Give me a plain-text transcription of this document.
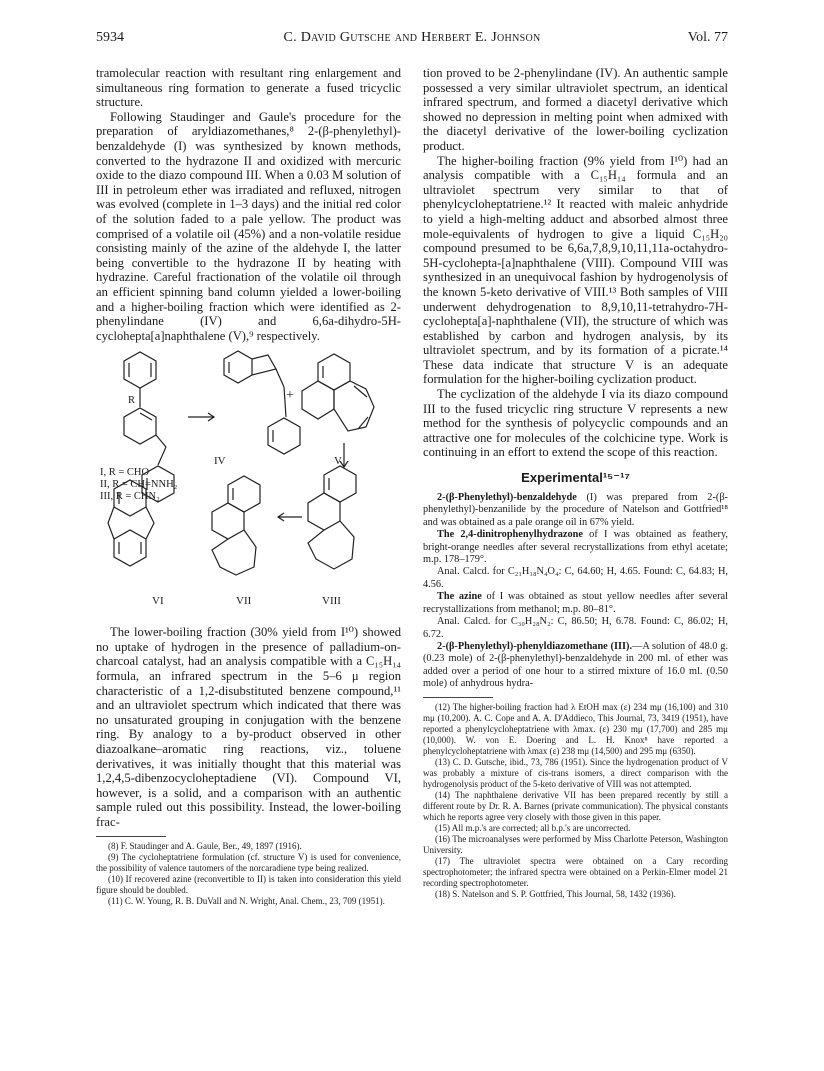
5934	C. David Gutsche and Herbert E. Johnson	Vol. 77

tramolecular reaction with resultant ring enlargement and simultaneous ring formation to generate a fused tricyclic structure.

Following Staudinger and Gaule's procedure for the preparation of aryldiazomethanes,⁸ 2-(β-phenylethyl)-benzaldehyde (I) was synthesized by known methods, converted to the hydrazone II and oxidized with mercuric oxide to the diazo compound III. When a 0.03 M solution of III in petroleum ether was irradiated and refluxed, nitrogen was evolved (complete in 1–3 days) and the initial red color of the solution faded to a pale yellow. The product was comprised of a volatile oil (45%) and a non-volatile residue consisting mainly of the azine of the aldehyde I, the latter being convertible to the hydrazone II by heating with hydrazine. Careful fractionation of the volatile oil through an efficient spinning band column yielded a lower-boiling and a higher-boiling fraction which were identified as 2-phenylindane (IV) and 6,6a-dihydro-5H-cyclohepta[a]naphthalene (V),⁹ respectively.

+
R
IV	V
I, R = CHO
II, R = CH=NNH₂
III, R = CHN₂
VI	VII	VIII

The lower-boiling fraction (30% yield from I¹⁰) showed no uptake of hydrogen in the presence of palladium-on-charcoal catalyst, had an analysis compatible with a C₁₅H₁₄ formula, an infrared spectrum in the 5–6 μ region characteristic of a 1,2-disubstituted benzene compound,¹¹ and an ultraviolet spectrum which indicated that there was no unsaturated grouping in conjugation with the benzene ring. By analogy to a by-product observed in other diazoalkane–aromatic ring reactions, viz., toluene derivatives, it was initially thought that this material was 1,2,4,5-dibenzocycloheptadiene (VI). Compound VI, however, is a solid, and a comparison with an authentic sample ruled out this possibility. Instead, the lower-boiling frac-

(8) F. Staudinger and A. Gaule, Ber., 49, 1897 (1916).

(9) The cycloheptatriene formulation (cf. structure V) is used for convenience, the possibility of valence tautomers of the norcaradiene type being realized.

(10) If recovered azine (reconvertible to II) is taken into consideration this yield figure should be doubled.

(11) C. W. Young, R. B. DuVall and N. Wright, Anal. Chem., 23, 709 (1951).

tion proved to be 2-phenylindane (IV). An authentic sample possessed a very similar ultraviolet spectrum, an identical infrared spectrum, and formed a diacetyl derivative which showed no depression in melting point when admixed with the diacetyl derivative of the lower-boiling cyclization product.

The higher-boiling fraction (9% yield from I¹⁰) had an analysis compatible with a C₁₅H₁₄ formula and an ultraviolet spectrum very similar to that of phenylcycloheptatriene.¹² It reacted with maleic anhydride to yield a high-melting adduct and absorbed almost three mole-equivalents of hydrogen to give a liquid C₁₅H₂₀ compound presumed to be 6,6a,7,8,9,10,11,11a-octahydro-5H-cyclohepta-[a]naphthalene (VIII). Compound VIII was synthesized in an unequivocal fashion by hydrogenolysis of the known 5-keto derivative of VIII.¹³ Both samples of VIII underwent dehydrogenation to 8,9,10,11-tetrahydro-7H-cyclohepta[a]-naphthalene (VII), the structure of which was established by carbon and hydrogen analysis, by its ultraviolet spectrum, and by its formation of a picrate.¹⁴ These data indicate that structure V is an adequate formulation for the higher-boiling cyclization product.

The cyclization of the aldehyde I via its diazo compound III to the fused tricyclic ring structure V represents a new method for the synthesis of polycyclic compounds and an attractive one for molecules of the colchicine type. Work is continuing in an effort to extend the scope of this reaction.

Experimental¹⁵⁻¹⁷

2-(β-Phenylethyl)-benzaldehyde (I) was prepared from 2-(β-phenylethyl)-benzanilide by the procedure of Natelson and Gottfried¹⁸ and was obtained as a pale orange oil in 67% yield.

The 2,4-dinitrophenylhydrazone of I was obtained as feathery, bright-orange needles after several recrystallizations from ethyl acetate; m.p. 178–179°.

Anal. Calcd. for C₂₁H₁₈N₄O₄: C, 64.60; H, 4.65. Found: C, 64.83; H, 4.56.

The azine of I was obtained as stout yellow needles after several recrystallizations from methanol; m.p. 80–81°.

Anal. Calcd. for C₃₀H₂₈N₂: C, 86.50; H, 6.78. Found: C, 86.02; H, 6.72.

2-(β-Phenylethyl)-phenyldiazomethane (III).—A solution of 48.0 g. (0.23 mole) of 2-(β-phenylethyl)-benzaldehyde in 200 ml. of ether was added over a period of one hour to a stirred mixture of 16.0 ml. (0.50 mole) of anhydrous hydra-

(12) The higher-boiling fraction had λ EtOH max (ε) 234 mμ (16,100) and 310 mμ (10,200). A. C. Cope and A. A. D'Addieco, This Journal, 73, 3419 (1951), have reported a phenylcycloheptatriene with λmax. (ε) 230 mμ (17,700) and 285 mμ (10,000). W. von E. Doering and L. H. Knox⁸ have reported a phenylcycloheptatriene with λmax (ε) 238 mμ (14,500) and 295 mμ (6350).

(13) C. D. Gutsche, ibid., 73, 786 (1951). Since the hydrogenation product of V was probably a mixture of cis-trans isomers, a direct comparison with the hydrogenolysis product of the 5-keto derivative of VIII was not attempted.

(14) The naphthalene derivative VII has been prepared recently by still a different route by Dr. R. A. Barnes (private communication). The physical constants which he reports agree very closely with those given in this paper.

(15) All m.p.'s are corrected; all b.p.'s are uncorrected.

(16) The microanalyses were performed by Miss Charlotte Peterson, Washington University.

(17) The ultraviolet spectra were obtained on a Cary recording spectrophotometer; the infrared spectra were obtained on a Perkin-Elmer model 21 recording spectrophotometer.

(18) S. Natelson and S. P. Gottfried, This Journal, 58, 1432 (1936).
